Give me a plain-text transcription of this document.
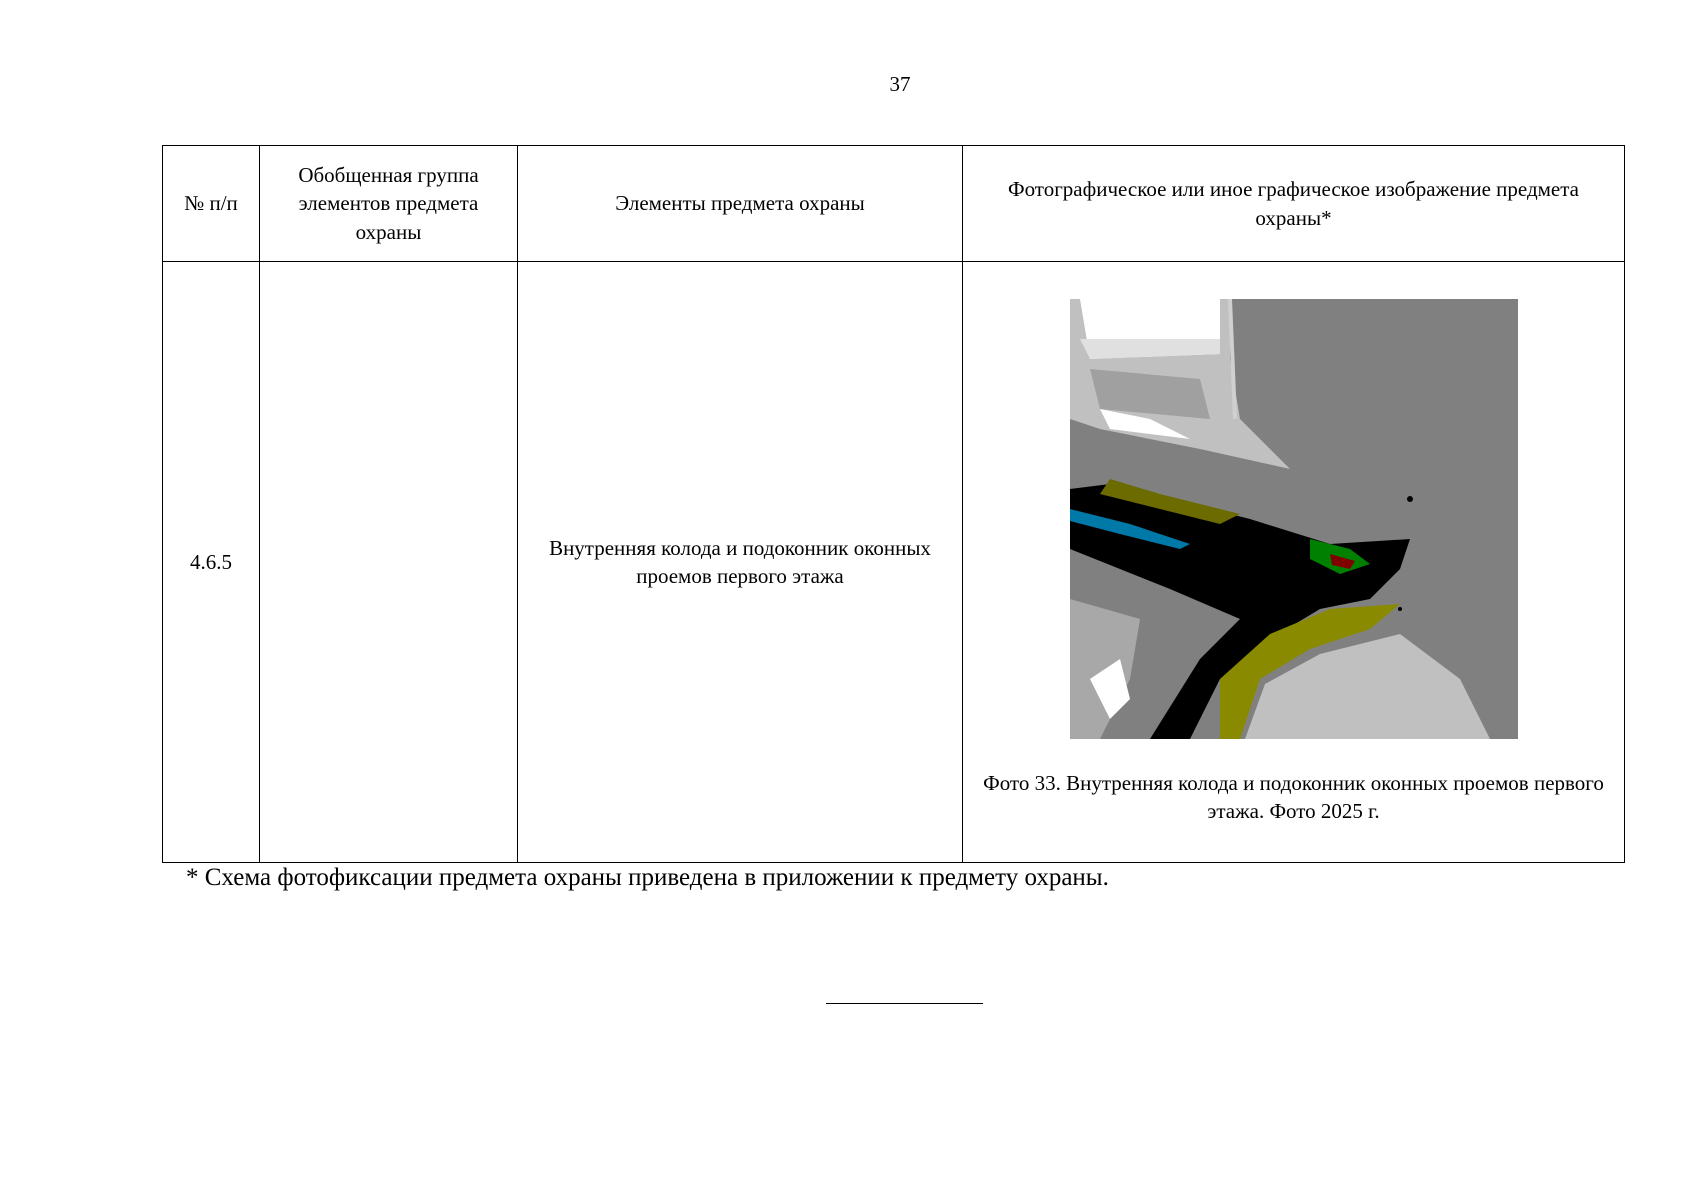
37
№ п/п	Обобщенная группа элементов предмета охраны	Элементы предмета охраны	Фотографическое или иное графическое изображение предмета охраны*
4.6.5		Внутренняя колода и подоконник оконных проемов первого этажа	Фото 33. Внутренняя колода и подоконник оконных проемов первого этажа. Фото 2025 г.
* Схема фотофиксации предмета охраны приведена в приложении к предмету охраны.
